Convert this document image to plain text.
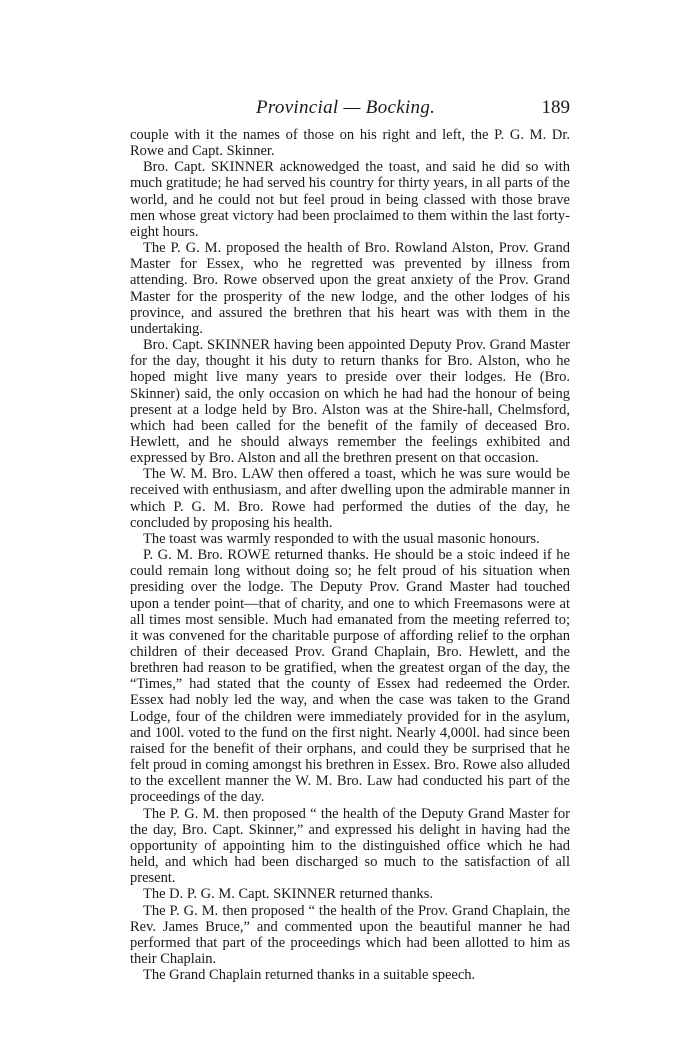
Provincial — Bocking.	189

couple with it the names of those on his right and left, the P. G. M. Dr. Rowe and Capt. Skinner.

Bro. Capt. SKINNER acknowedged the toast, and said he did so with much gratitude; he had served his country for thirty years, in all parts of the world, and he could not but feel proud in being classed with those brave men whose great victory had been proclaimed to them within the last forty-eight hours.

The P. G. M. proposed the health of Bro. Rowland Alston, Prov. Grand Master for Essex, who he regretted was prevented by illness from attending. Bro. Rowe observed upon the great anxiety of the Prov. Grand Master for the prosperity of the new lodge, and the other lodges of his province, and assured the brethren that his heart was with them in the undertaking.

Bro. Capt. SKINNER having been appointed Deputy Prov. Grand Master for the day, thought it his duty to return thanks for Bro. Alston, who he hoped might live many years to preside over their lodges. He (Bro. Skinner) said, the only occasion on which he had had the honour of being present at a lodge held by Bro. Alston was at the Shire-hall, Chelmsford, which had been called for the benefit of the family of deceased Bro. Hewlett, and he should always remember the feelings exhibited and expressed by Bro. Alston and all the brethren present on that occasion.

The W. M. Bro. LAW then offered a toast, which he was sure would be received with enthusiasm, and after dwelling upon the admirable manner in which P. G. M. Bro. Rowe had performed the duties of the day, he concluded by proposing his health.

The toast was warmly responded to with the usual masonic honours.

P. G. M. Bro. ROWE returned thanks. He should be a stoic indeed if he could remain long without doing so; he felt proud of his situation when presiding over the lodge. The Deputy Prov. Grand Master had touched upon a tender point—that of charity, and one to which Freemasons were at all times most sensible. Much had emanated from the meeting referred to; it was convened for the charitable purpose of affording relief to the orphan children of their deceased Prov. Grand Chaplain, Bro. Hewlett, and the brethren had reason to be gratified, when the greatest organ of the day, the “Times,” had stated that the county of Essex had redeemed the Order. Essex had nobly led the way, and when the case was taken to the Grand Lodge, four of the children were immediately provided for in the asylum, and 100l. voted to the fund on the first night. Nearly 4,000l. had since been raised for the benefit of their orphans, and could they be surprised that he felt proud in coming amongst his brethren in Essex. Bro. Rowe also alluded to the excellent manner the W. M. Bro. Law had conducted his part of the proceedings of the day.

The P. G. M. then proposed “ the health of the Deputy Grand Master for the day, Bro. Capt. Skinner,” and expressed his delight in having had the opportunity of appointing him to the distinguished office which he had held, and which had been discharged so much to the satisfaction of all present.

The D. P. G. M. Capt. SKINNER returned thanks.

The P. G. M. then proposed “ the health of the Prov. Grand Chaplain, the Rev. James Bruce,” and commented upon the beautiful manner he had performed that part of the proceedings which had been allotted to him as their Chaplain.

The Grand Chaplain returned thanks in a suitable speech.
